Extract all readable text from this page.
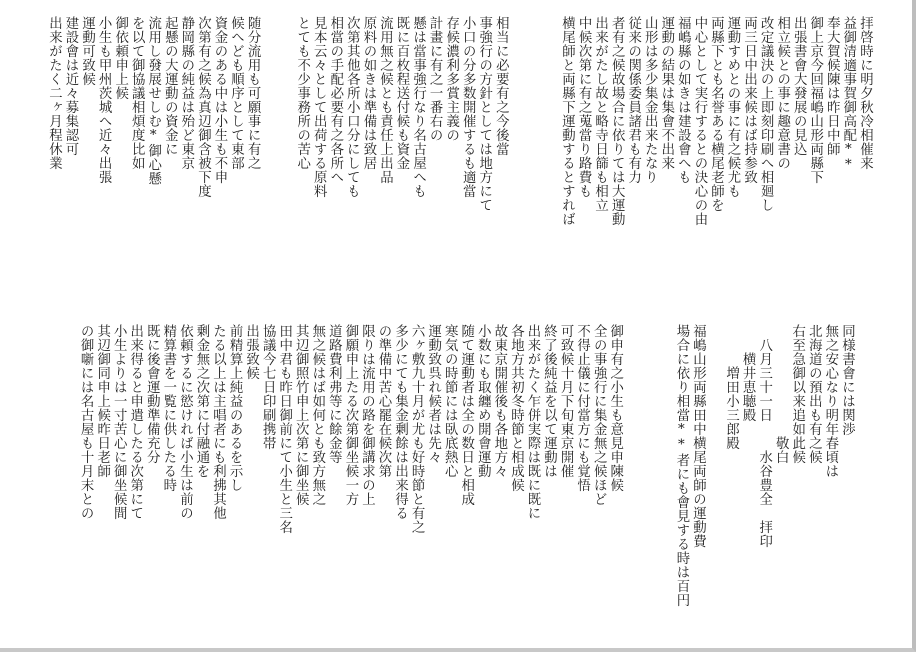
拝啓時に明夕秋冷相催来
益御清適事賀御高配**
奉大賀候陳は昨日中師
御上京今回福嶋山形両縣下
出張書會大發展の見込
相立候との事に趣意書の
改定議決の上即刻印刷へ相廻し
両三日中出来候はば持参致
運動すめとの事に有之候尤も
両縣下とも名誉ある横尾老師を
中心として実行するとの決心の由
福嶋縣の如きは建設會へも
運動の結果は集會不出来
山形は多少集金出来たなり
従来の関係委員諸君も有力
者有之候故場合に依りては大運動
出来がたし故と略寺日篩も相立
中候次第に有之蒐當り路費も
横尾師と両縣下運動するとすれば
相当に必要有之今後當
事強行の方針としては地方にて
小口の分多数開催するも適當
存候濃利多賞主義の
計畫に有之一番右の
懸は當事強行なり名古屋へも
既に百枚程送付候も資金
流用無之候とも責任上出品
原料の如きは準備は致居
次第其他各所小口分にしても
相當の手配必要有之各所へ
見本云々として出荷する原料
とても不少事務所の苦心
随分流用も可願事に有之
候へども順序として東部
資金のある中は小生も不申
次第有之候為真辺御含被下度
静岡縣の純益は殆ど東京
起懸の大運動の資金に
流用し發展せしむ*御心懸
を以て御協議相煩度比如
御依頼申上候
小生も甲州茨城へ近々出張
運動可致候
建設會は近々募集認可
出来がたく二ヶ月程休業
同様書會には関渉
無之安心なり明年春頃は
北海道の預出も有之候
右至急御以来追如此候
　　　　　　　　敬白
　八月三十一日　　水谷豊全　拝印
　　横井恵聴殿
　　　増田小三郎殿
福嶋山形両縣田中横尾両師の運動費
場合に依り相當**者にも會見する時は百円
御申有之小生も意見申陳候
全の事強行に集金無之候ほど
不得止儀に付當方にも覚悟
可致候十月下旬東京開催
終了後純益を以て運動は
出来がたく乍併実際は既に既に
各地方共初冬時節と相成候
故東京開催後も各地方々
小数にも取纏め開會運動
随て運動者は全の数日と相成
寒気の時節には臥底熱心
運動致呉れ候者は先々
六ヶ敷九十月が尤も好時節と有之
多少にても集金剰餘は出来得る
の準備中苦心罷在候次第
限りは流用の路を御講求の上
御願申上たる次第御坐候一方
道路費利弗等に餘金等
無之候はば如何とも致方無之
其辺御照竹申上次第に御坐候
田中君も昨日御前にて小生と三名
協議今七日印刷携帯
出張致候
前精算上純益のあるを示し
たる以上は主唱者にも利拂其他
剰金無之次第に付融通を
依頼するに慾ければ小生は前の
精算書を一覧に供したる時
既に後會運動準備充分
出来得ると申遣したる次第にて
小生よりは一寸苦心に御坐候間
其辺御同申上候昨日老師
の御噺には名古屋も十月末との
